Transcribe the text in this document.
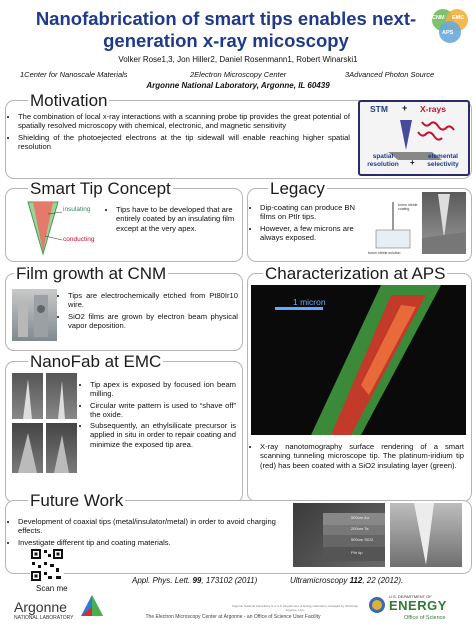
Nanofabrication of smart tips enables next-generation x-ray micoscopy
CNM EMC
APS
Volker Rose1,3, Jon Hiller2, Daniel Rosenmann1, Robert Winarski1
1Center for Nanoscale Materials	2Electron Microscopy Center	3Advanced Photon Source
Argonne National Laboratory, Argonne, IL 60439
Motivation
• The combination of local x-ray interactions with a scanning probe tip provides the great potential of spatially resolved microscopy with chemical, electronic, and magnetic sensitivity
• Shielding of the photoejected electrons at the tip sidewall will enable reaching higher spatial resolution
STM + X-rays
spatial resolution	+
elemental selectivity
Smart Tip Concept
insulating
conducting
• Tips have to be developed that are entirely coated by an insulating film except at the very apex.
Legacy
• Dip-coating can produce BN films on PtIr tips.
• However, a few microns are always exposed.
boron nitride solution
boron nitride coating
Film growth at CNM
• Tips are electrochemically etched from Pt80Ir10 wire.
• SiO2 films are grown by electron beam physical vapor deposition.
Characterization at APS
1 micron
• X-ray nanotomography surface rendering of a smart scanning tunneling microscope tip. The platinum-iridium tip (red) has been coated with a SiO2 insulating layer (green).
NanoFab at EMC
• Tip apex is exposed by focused ion beam milling.
• Circular write pattern is used to “shave off” the oxide.
• Subsequently, an ethylsilicate precursor is applied in situ in order to repair coating and minimize the exposed tip area.
Future Work
• Development of coaxial tips (metal/insulator/metal) in order to avoid charging effects.
• Investigate different tip and coating materials.
500nm Au
200nm Ta
500nm SiO2
PtIr tip
Scan me
Appl. Phys. Lett. 99, 173102 (2011)	Ultramicroscopy 112, 22 (2012).
Argonne
NATIONAL LABORATORY	The Electron Microscopy Center at Argonne - an Office of Science User Facility
Argonne National Laboratory is a U.S. Department of Energy laboratory managed by UChicago Argonne, LLC.
U.S. DEPARTMENT OF
ENERGY
Office of Science
